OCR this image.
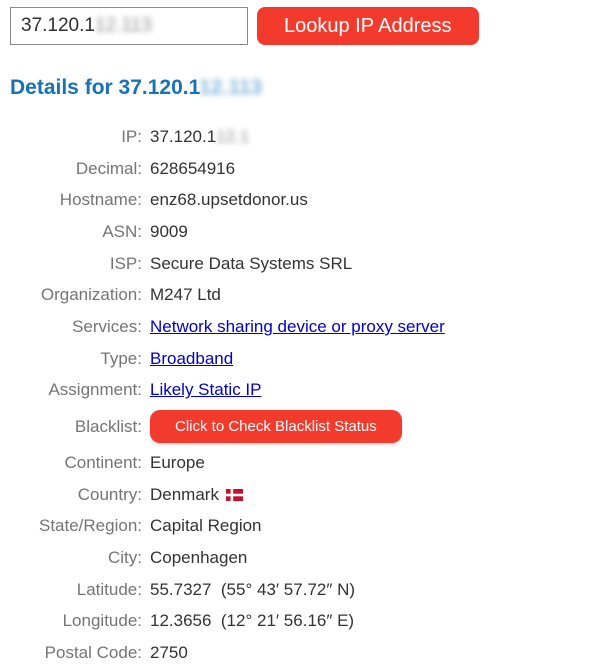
37.120.1 12.113	Lookup IP Address
Details for 37.120.112.113
IP: 37.120.1 12.1
Decimal: 628654916
Hostname: enz68.upsetdonor.us
ASN: 9009
ISP: Secure Data Systems SRL
Organization: M247 Ltd
Services: Network sharing device or proxy server
Type: Broadband
Assignment: Likely Static IP
Blacklist:	Click to Check Blacklist Status
Continent: Europe
Country: Denmark
State/Region: Capital Region
City: Copenhagen
Latitude: 55.7327  (55° 43′ 57.72″ N)
Longitude: 12.3656  (12° 21′ 56.16″ E)
Postal Code: 2750
